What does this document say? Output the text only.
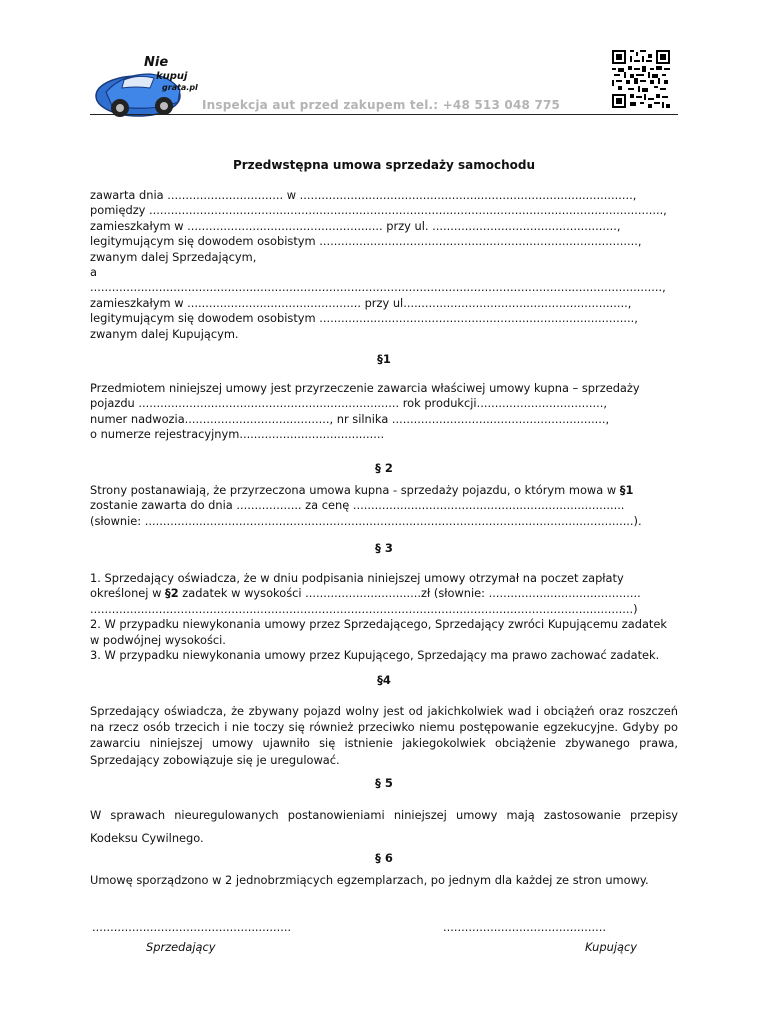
Nie
kupuj
grata.pl
Inspekcja aut przed zakupem tel.: +48 513 048 775
Przedwstępna umowa sprzedaży samochodu
zawarta dnia ................................ w ............................................................................................,
pomiędzy ..............................................................................................................................................,
zamieszkałym w ...................................................... przy ul. ...................................................,
legitymującym się dowodem osobistym ........................................................................................,
zwanym dalej Sprzedającym,
a
..............................................................................................................................................................,
zamieszkałym w ................................................ przy ul..............................................................,
legitymującym się dowodem osobistym .......................................................................................,
zwanym dalej Kupującym.
§1
Przedmiotem niniejszej umowy jest przyrzeczenie zawarcia właściwej umowy kupna – sprzedaży
pojazdu ........................................................................ rok produkcji...................................,
numer nadwozia........................................, nr silnika ...........................................................,
o numerze rejestracyjnym........................................
§ 2
Strony postanawiają, że przyrzeczona umowa kupna - sprzedaży pojazdu, o którym mowa w §1
zostanie zawarta do dnia .................. za cenę ...........................................................................
(słownie: .......................................................................................................................................).
§ 3
1. Sprzedający oświadcza, że w dniu podpisania niniejszej umowy otrzymał na poczet zapłaty
określonej w §2 zadatek w wysokości ................................zł (słownie: ..........................................
......................................................................................................................................................)
2. W przypadku niewykonania umowy przez Sprzedającego, Sprzedający zwróci Kupującemu zadatek
w podwójnej wysokości.
3. W przypadku niewykonania umowy przez Kupującego, Sprzedający ma prawo zachować zadatek.
§4
Sprzedający oświadcza, że zbywany pojazd wolny jest od jakichkolwiek wad i obciążeń oraz roszczeń na rzecz osób trzecich i nie toczy się również przeciwko niemu postępowanie egzekucyjne. Gdyby po zawarciu niniejszej umowy ujawniło się istnienie jakiegokolwiek obciążenie zbywanego prawa, Sprzedający zobowiązuje się je uregulować.
§ 5
W sprawach nieuregulowanych postanowieniami niniejszej umowy mają zastosowanie przepisy Kodeksu Cywilnego.
§ 6
Umowę sporządzono w 2 jednobrzmiących egzemplarzach, po jednym dla każdej ze stron umowy.
.......................................................	.............................................
Sprzedający	Kupujący
